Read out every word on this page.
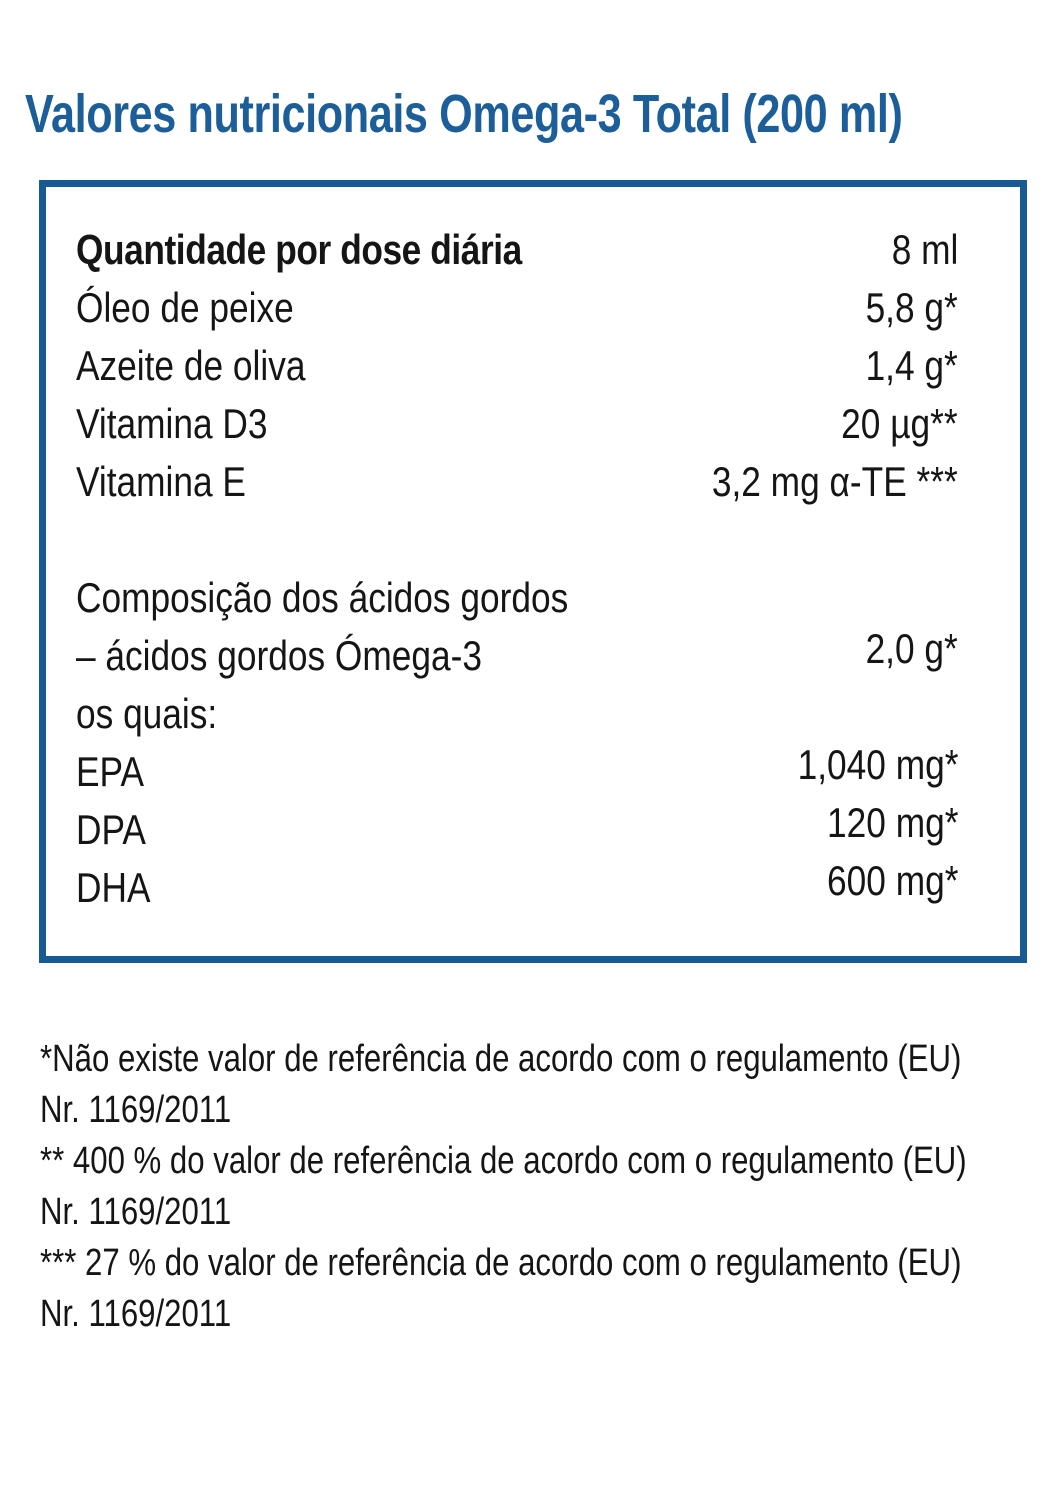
Valores nutricionais Omega-3 Total (200 ml)
Quantidade por dose diária	8 ml
Óleo de peixe	5,8 g*
Azeite de oliva	1,4 g*
Vitamina D3	20 µg**
Vitamina E	3,2 mg α-TE ***
Composição dos ácidos gordos
– ácidos gordos Ómega-3	2,0 g*
os quais:
EPA	1,040 mg*
DPA	120 mg*
DHA	600 mg*
*Não existe valor de referência de acordo com o regulamento (EU)
Nr. 1169/2011
** 400 % do valor de referência de acordo com o regulamento (EU)
Nr. 1169/2011
*** 27 % do valor de referência de acordo com o regulamento (EU)
Nr. 1169/2011
